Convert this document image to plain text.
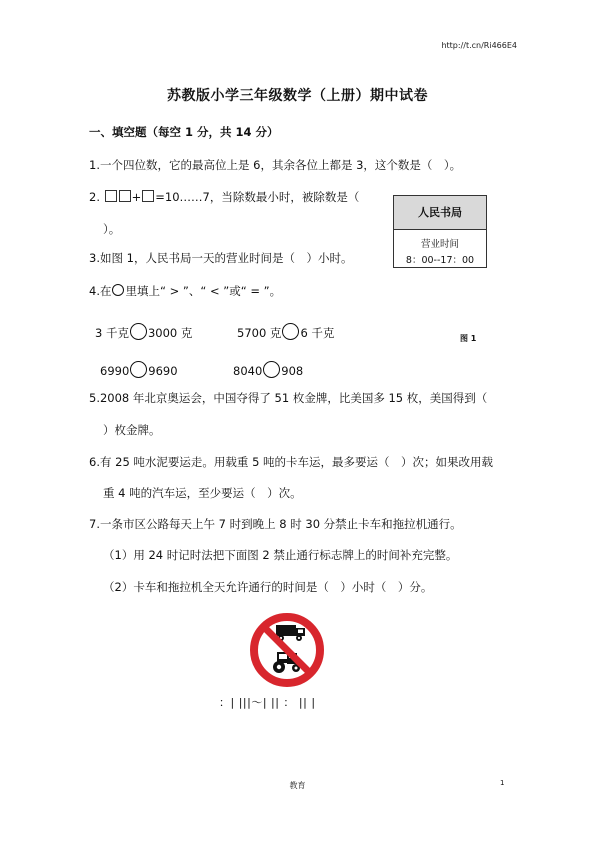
http://t.cn/Ri466E4
苏教版小学三年级数学（上册）期中试卷
一、填空题（每空 1 分，共 14 分）
1.一个四位数，它的最高位上是 6，其余各位上都是 3，这个数是（　）。
2.	+ =10……7，当除数最小时，被除数是（
）。
3.如图 1，人民书局一天的营业时间是（　）小时。
4.在 里填上“ > ”、“ < ”或“ = ”。
3 千克 3000 克	5700 克 6 千克
6990 9690	8040 908
人民书局
营业时间
8：00--17：00
图 1
5.2008 年北京奥运会，中国夺得了 51 枚金牌，比美国多 15 枚，美国得到（
）枚金牌。
6.有 25 吨水泥要运走。用载重 5 吨的卡车运，最多要运（　）次；如果改用载
重 4 吨的汽车运，至少要运（　）次。
7.一条市区公路每天上午 7 时到晚上 8 时 30 分禁止卡车和拖拉机通行。
（1）用 24 时记时法把下面图 2 禁止通行标志牌上的时间补充完整。
（2）卡车和拖拉机全天允许通行的时间是（　）小时（　）分。
：| |||～| || ： || |
教育	1
